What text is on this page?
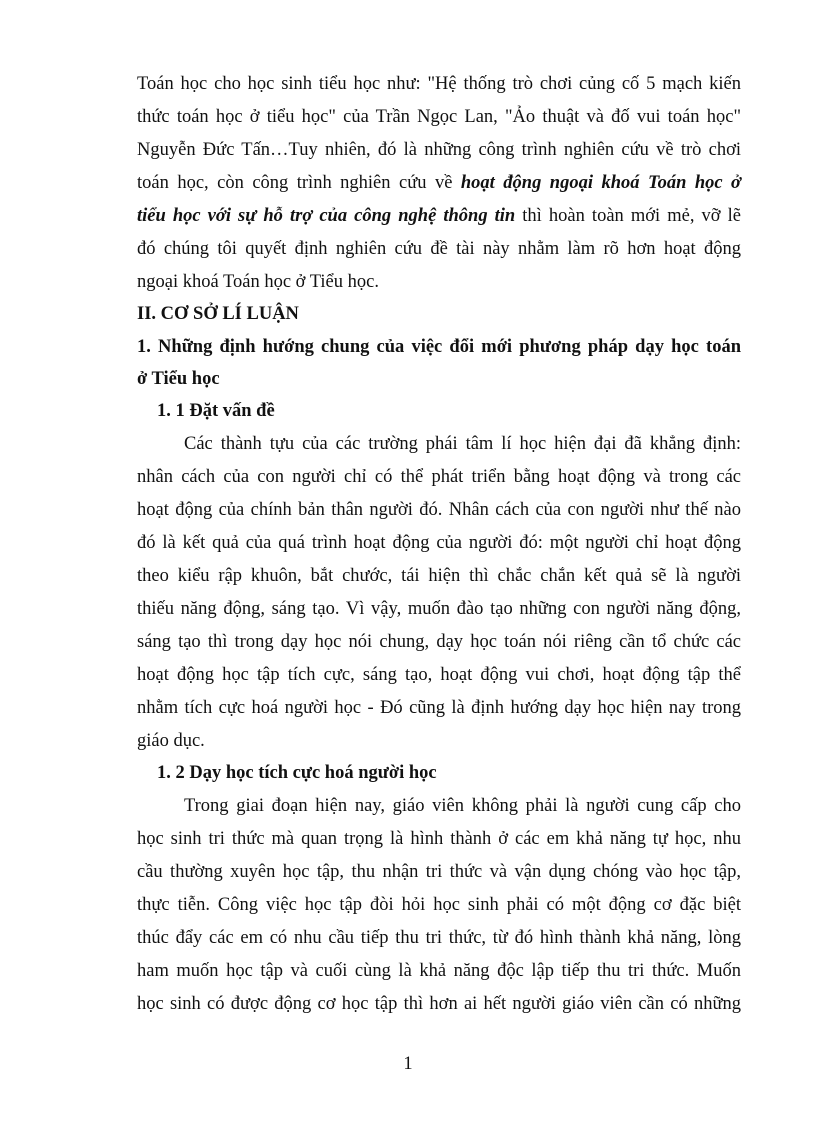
Toán học cho học sinh tiểu học như: "Hệ thống trò chơi củng cố 5 mạch kiến
thức toán học ở tiểu học" của Trần Ngọc Lan, "Ảo thuật và đố vui toán học"
Nguyễn Đức Tấn…Tuy nhiên, đó là những công trình nghiên cứu về trò chơi
toán học, còn công trình nghiên cứu về hoạt động ngoại khoá Toán học ở
tiểu học với sự hỗ trợ của công nghệ thông tin thì hoàn toàn mới mẻ, vỡ lẽ
đó chúng tôi quyết định nghiên cứu đề tài này nhằm làm rõ hơn hoạt động
ngoại khoá Toán học ở Tiểu học.
II. CƠ SỞ LÍ LUẬN
1. Những định hướng chung của việc đổi mới phương pháp dạy học toán
ở Tiểu học
1. 1 Đặt vấn đề
Các thành tựu của các trường phái tâm lí học hiện đại đã khẳng định:
nhân cách của con người chỉ có thể phát triển bằng hoạt động và trong các
hoạt động của chính bản thân người đó. Nhân cách của con người như thế nào
đó là kết quả của quá trình hoạt động của người đó: một người chỉ hoạt động
theo kiểu rập khuôn, bắt chước, tái hiện thì chắc chắn kết quả sẽ là người
thiếu năng động, sáng tạo. Vì vậy, muốn đào tạo những con người năng động,
sáng tạo thì trong dạy học nói chung, dạy học toán nói riêng cần tổ chức các
hoạt động học tập tích cực, sáng tạo, hoạt động vui chơi, hoạt động tập thể
nhằm tích cực hoá người học - Đó cũng là định hướng dạy học hiện nay trong
giáo dục.
1. 2 Dạy học tích cực hoá người học
Trong giai đoạn hiện nay, giáo viên không phải là người cung cấp cho
học sinh tri thức mà quan trọng là hình thành ở các em khả năng tự học, nhu
cầu thường xuyên học tập, thu nhận tri thức và vận dụng chóng vào học tập,
thực tiễn. Công việc học tập đòi hỏi học sinh phải có một động cơ đặc biệt
thúc đẩy các em có nhu cầu tiếp thu tri thức, từ đó hình thành khả năng, lòng
ham muốn học tập và cuối cùng là khả năng độc lập tiếp thu tri thức. Muốn
học sinh có được động cơ học tập thì hơn ai hết người giáo viên cần có những
1
